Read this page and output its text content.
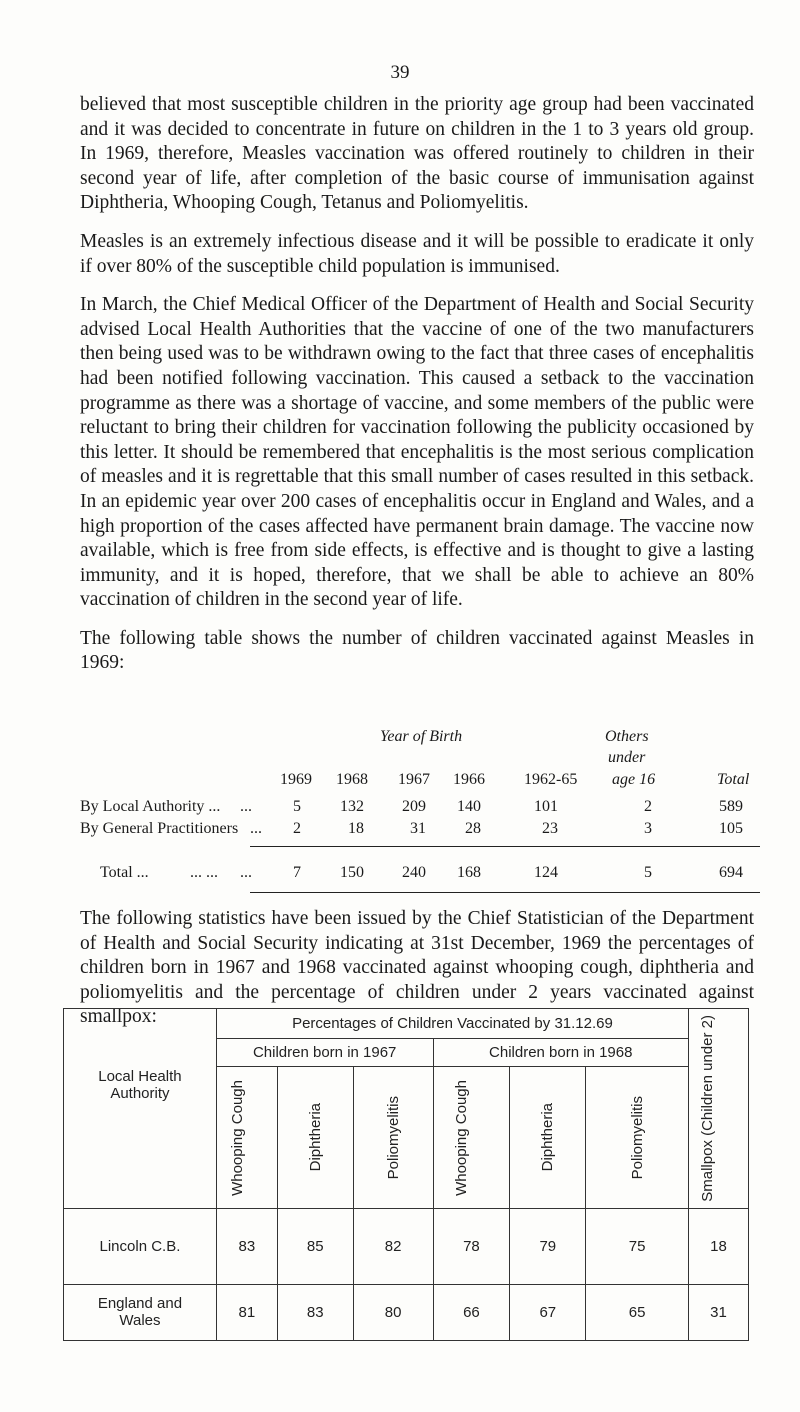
39

believed that most susceptible children in the priority age group had been vaccinated and it was decided to concentrate in future on children in the 1 to 3 years old group. In 1969, therefore, Measles vaccination was offered routinely to children in their second year of life, after completion of the basic course of immunisation against Diphtheria, Whooping Cough, Tetanus and Poliomyelitis.

Measles is an extremely infectious disease and it will be possible to eradicate it only if over 80% of the susceptible child population is immunised.

In March, the Chief Medical Officer of the Department of Health and Social Security advised Local Health Authorities that the vaccine of one of the two manufacturers then being used was to be withdrawn owing to the fact that three cases of encephalitis had been notified following vaccination. This caused a setback to the vaccination programme as there was a shortage of vaccine, and some members of the public were reluctant to bring their children for vaccination following the publicity occasioned by this letter. It should be remembered that encephalitis is the most serious complication of measles and it is regrettable that this small number of cases resulted in this setback. In an epidemic year over 200 cases of encephalitis occur in England and Wales, and a high proportion of the cases affected have permanent brain damage. The vaccine now available, which is free from side effects, is effective and is thought to give a lasting immunity, and it is hoped, therefore, that we shall be able to achieve an 80% vaccination of children in the second year of life.

The following table shows the number of children vaccinated against Measles in 1969:

Year of Birth	Others
under
1969 1968 1967 1966 1962-65 age 16	Total
By Local Authority ... ...	5 132 209 140	101	2	589
By General Practitioners ... 2	18	31 28	23	3	105
Total ...	... ... ...	7 150 240 168	124	5	694

The following statistics have been issued by the Chief Statistician of the Department of Health and Social Security indicating at 31st December, 1969 the percentages of children born in 1967 and 1968 vaccinated against whooping cough, diphtheria and poliomyelitis and the percentage of children under 2 years vaccinated against smallpox:

Local Health Authority	Percentages of Children Vaccinated by 31.12.69						Smallpox (Children under 2)

	Children born in 1967			Children born in 1968			

	Whooping Cough	Diphtheria	Poliomyelitis	Whooping Cough	Diphtheria	Poliomyelitis	

Lincoln C.B.	83	85	82	78	79	75	18

England and Wales	81	83	80	66	67	65	31
